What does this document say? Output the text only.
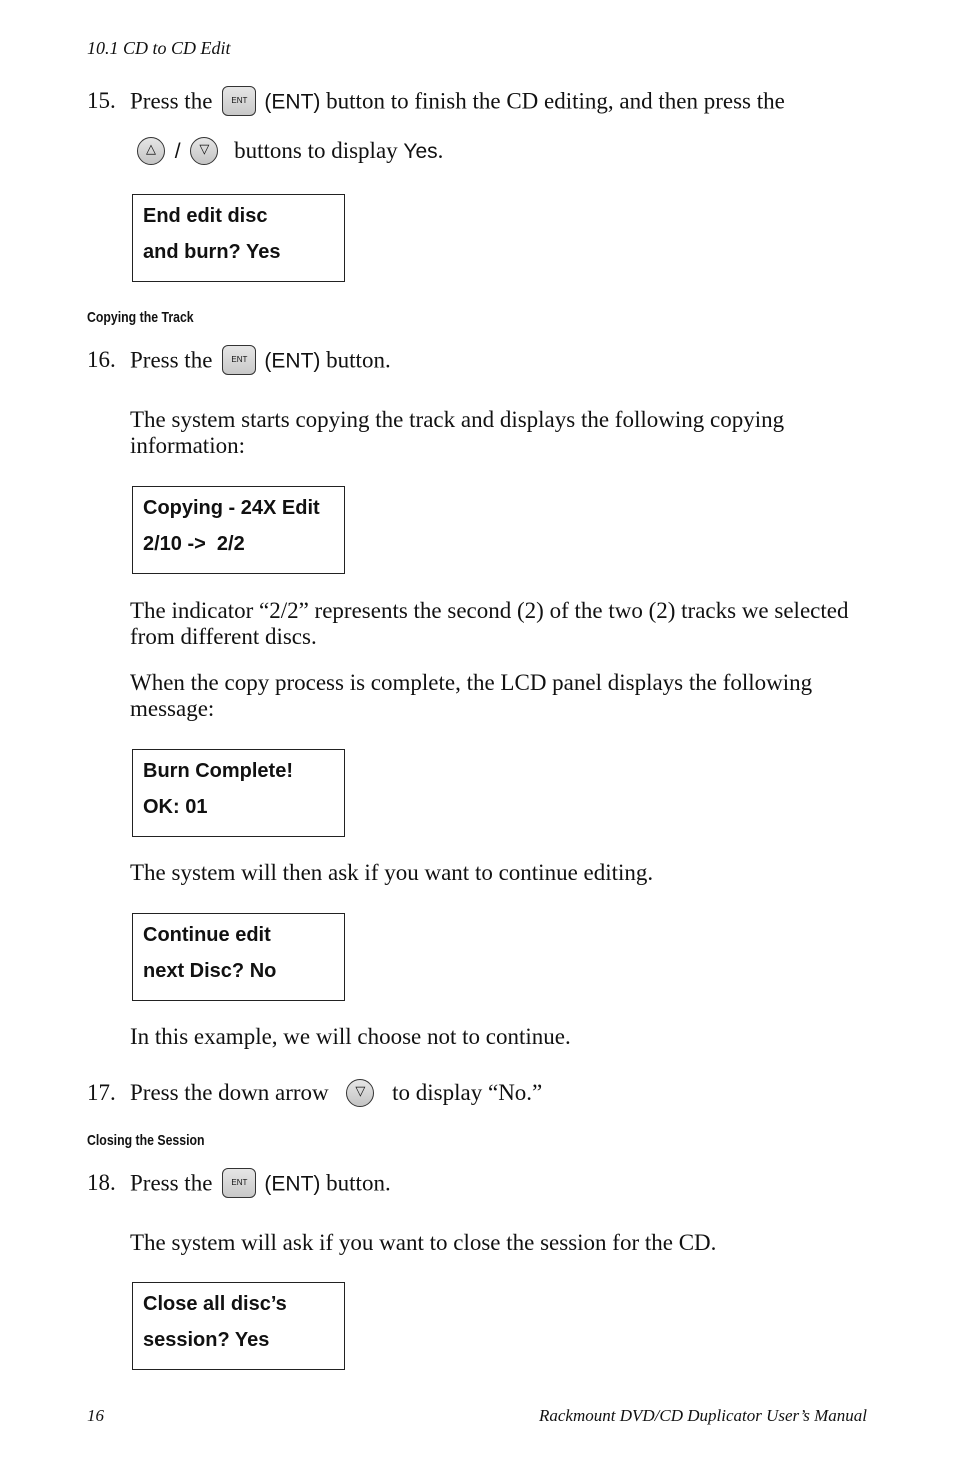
10.1 CD to CD Edit
15. Press the ENT (ENT) button to finish the CD editing, and then press the
△ / ▽ buttons to display Yes.
End edit disc
and burn? Yes
Copying the Track
16. Press the ENT (ENT) button.
The system starts copying the track and displays the following copying information:
Copying - 24X Edit
2/10 ->  2/2
The indicator “2/2” represents the second (2) of the two (2) tracks we selected from different discs.
When the copy process is complete, the LCD panel displays the following message:
Burn Complete!
OK: 01
The system will then ask if you want to continue editing.
Continue edit
next Disc? No
In this example, we will choose not to continue.
17. Press the down arrow ▽ to display “No.”
Closing the Session
18. Press the ENT (ENT) button.
The system will ask if you want to close the session for the CD.
Close all disc’s
session? Yes
16	Rackmount DVD/CD Duplicator User’s Manual
